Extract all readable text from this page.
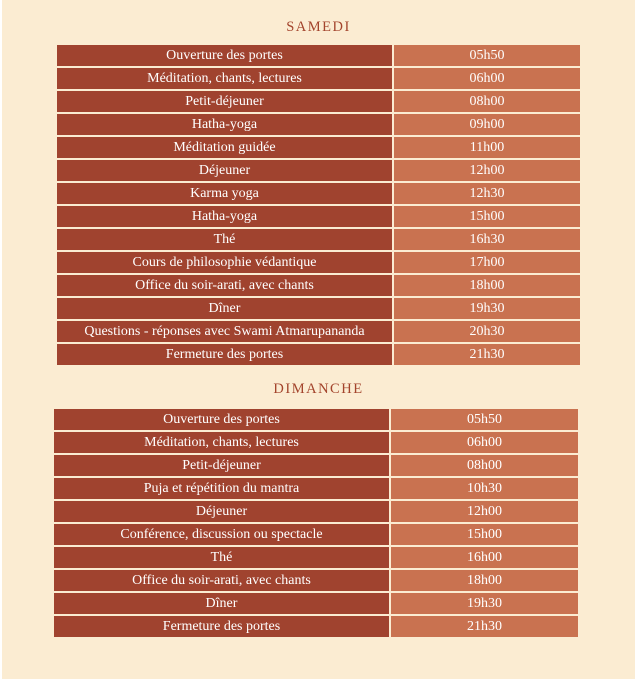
SAMEDI
Ouverture des portes	05h50
Méditation, chants, lectures	06h00
Petit-déjeuner	08h00
Hatha-yoga	09h00
Méditation guidée	11h00
Déjeuner	12h00
Karma yoga	12h30
Hatha-yoga	15h00
Thé	16h30
Cours de philosophie védantique	17h00
Office du soir-arati, avec chants	18h00
Dîner	19h30
Questions - réponses avec Swami Atmarupananda	20h30
Fermeture des portes	21h30
DIMANCHE
Ouverture des portes	05h50
Méditation, chants, lectures	06h00
Petit-déjeuner	08h00
Puja et répétition du mantra	10h30
Déjeuner	12h00
Conférence, discussion ou spectacle	15h00
Thé	16h00
Office du soir-arati, avec chants	18h00
Dîner	19h30
Fermeture des portes	21h30
